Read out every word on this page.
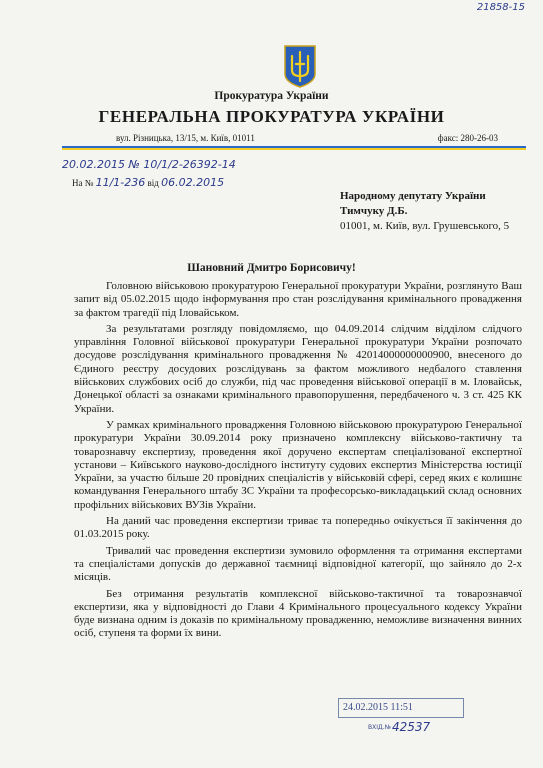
21858-15
Прокуратура України
ГЕНЕРАЛЬНА ПРОКУРАТУРА УКРАЇНИ
вул. Різницька, 13/15, м. Київ, 01011	факс: 280-26-03
20.02.2015 № 10/1/2-26392-14
На № 11/1-236 від 06.02.2015
Народному депутату України
Тимчуку Д.Б.
01001, м. Київ, вул. Грушевського, 5
Шановний Дмитро Борисовичу!

Головною військовою прокуратурою Генеральної прокуратури України, розглянуто Ваш запит від 05.02.2015 щодо інформування про стан розслідування кримінального провадження за фактом трагедії під Іловайськом.

За результатами розгляду повідомляємо, що 04.09.2014 слідчим відділом слідчого управління Головної військової прокуратури Генеральної прокуратури України розпочато досудове розслідування кримінального провадження № 42014000000000900, внесеного до Єдиного реєстру досудових розслідувань за фактом можливого недбалого ставлення військових службових осіб до служби, під час проведення військової операції в м. Іловайськ, Донецької області за ознаками кримінального правопорушення, передбаченого ч. 3 ст. 425 КК України.

У рамках кримінального провадження Головною військовою прокуратурою Генеральної прокуратури України 30.09.2014 року призначено комплексну військово-тактичну та товарознавчу експертизу, проведення якої доручено експертам спеціалізованої експертної установи – Київського науково-дослідного інституту судових експертиз Міністерства юстиції України, за участю більше 20 провідних спеціалістів у військовій сфері, серед яких є колишнє командування Генерального штабу ЗС України та професорсько-викладацький склад основних профільних військових ВУЗів України.

На даний час проведення експертизи триває та попередньо очікується її закінчення до 01.03.2015 року.

Тривалий час проведення експертизи зумовило оформлення та отримання експертами та спеціалістами допусків до державної таємниці відповідної категорії, що зайняло до 2-х місяців.

Без отримання результатів комплексної військово-тактичної та товарознавчої експертизи, яка у відповідності до Глави 4 Кримінального процесуального кодексу України буде визнана одним із доказів по кримінальному провадженню, неможливе визначення винних осіб, ступеня та форми їх вини.

24.02.2015 11:51
ВХІД.№ 42537
